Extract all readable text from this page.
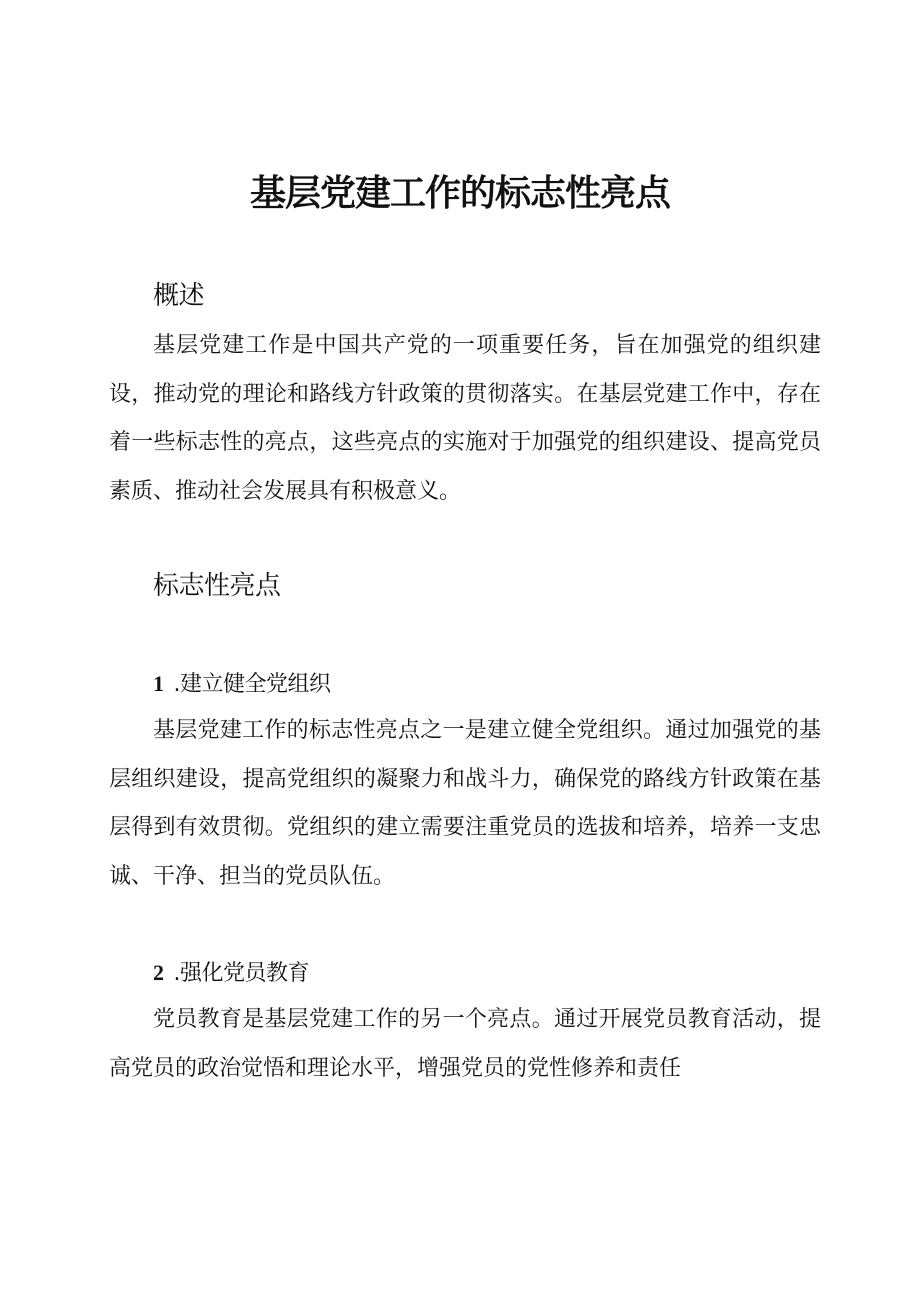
基层党建工作的标志性亮点
概述

基层党建工作是中国共产党的一项重要任务，旨在加强党的组织建设，推动党的理论和路线方针政策的贯彻落实。在基层党建工作中，存在着一些标志性的亮点，这些亮点的实施对于加强党的组织建设、提高党员素质、推动社会发展具有积极意义。

标志性亮点
1 .建立健全党组织

基层党建工作的标志性亮点之一是建立健全党组织。通过加强党的基层组织建设，提高党组织的凝聚力和战斗力，确保党的路线方针政策在基层得到有效贯彻。党组织的建立需要注重党员的选拔和培养，培养一支忠诚、干净、担当的党员队伍。

2 .强化党员教育

党员教育是基层党建工作的另一个亮点。通过开展党员教育活动，提高党员的政治觉悟和理论水平，增强党员的党性修养和责任
